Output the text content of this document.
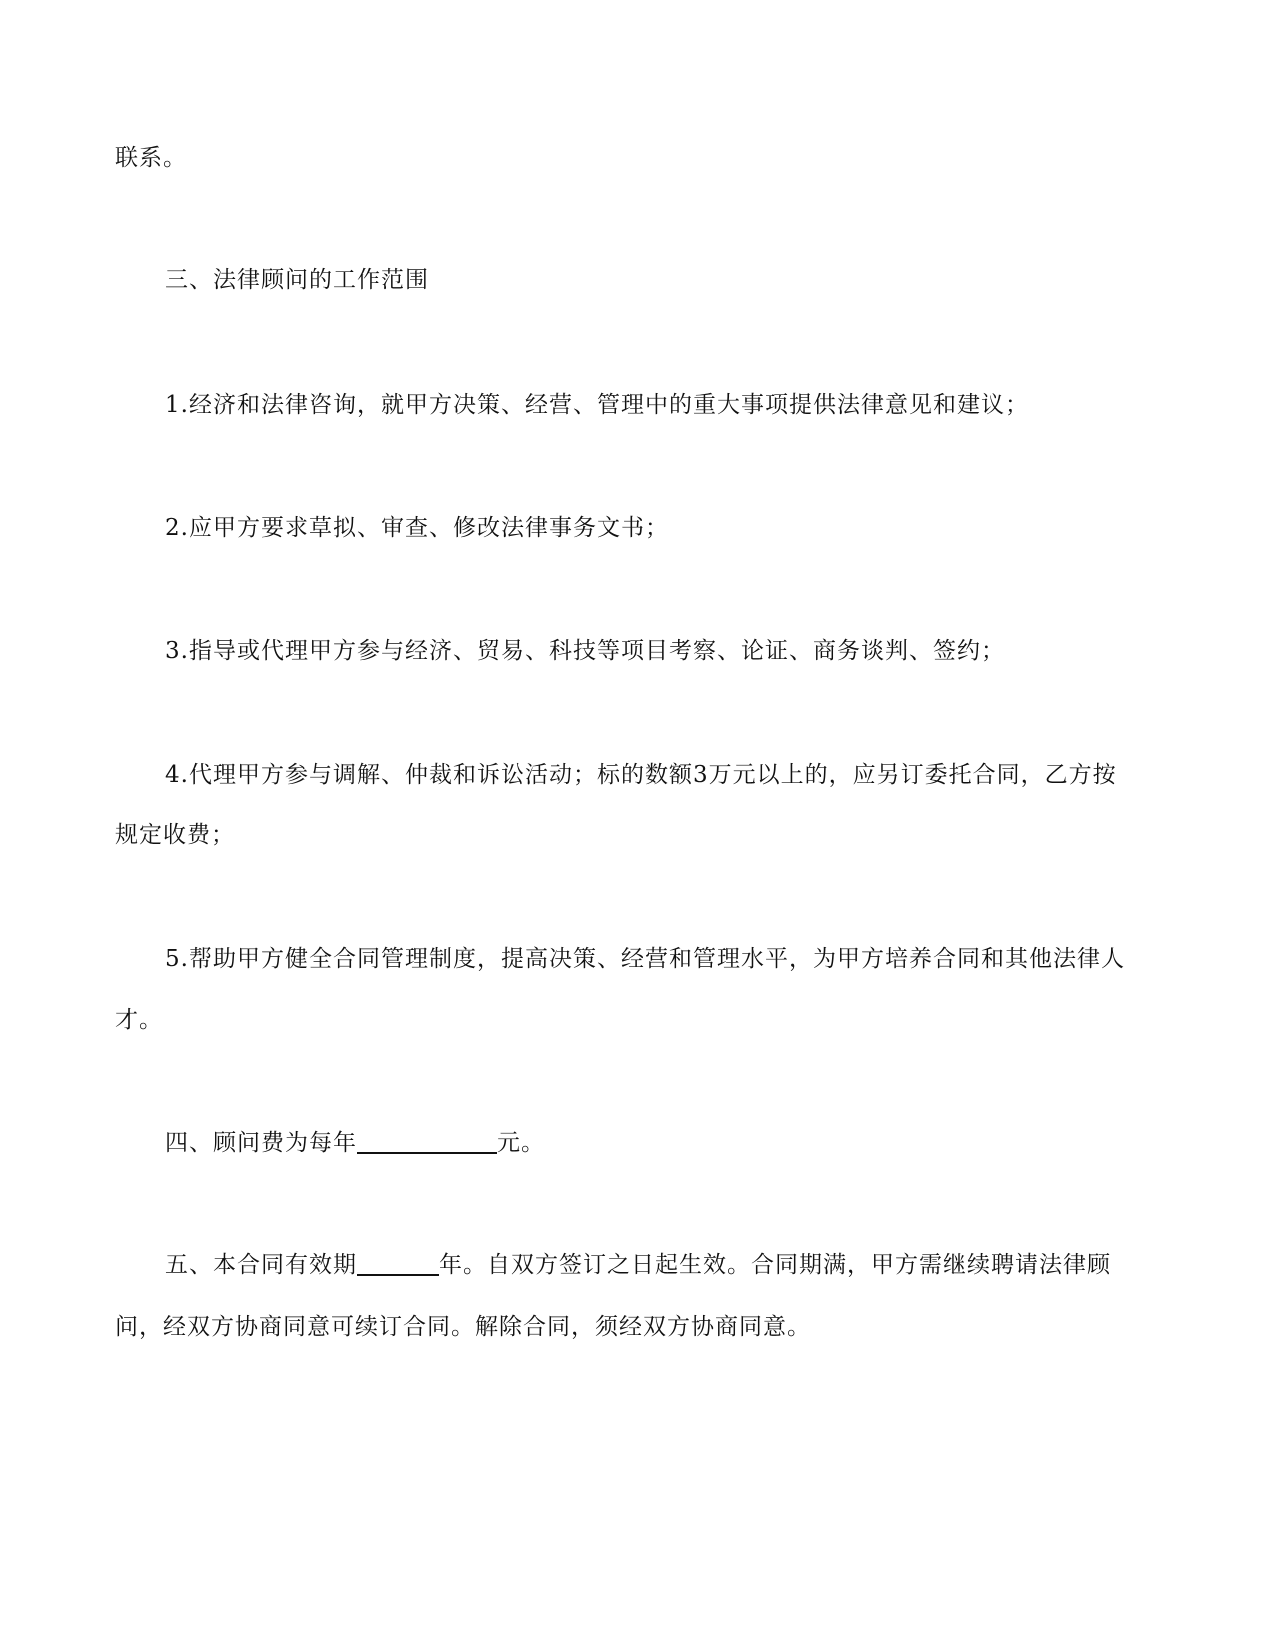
联系。
三、法律顾问的工作范围
1.经济和法律咨询，就甲方决策、经营、管理中的重大事项提供法律意见和建议；
2.应甲方要求草拟、审查、修改法律事务文书；
3.指导或代理甲方参与经济、贸易、科技等项目考察、论证、商务谈判、签约；
4.代理甲方参与调解、仲裁和诉讼活动；标的数额3万元以上的，应另订委托合同，乙方按
规定收费；
5.帮助甲方健全合同管理制度，提高决策、经营和管理水平，为甲方培养合同和其他法律人
才。
四、顾问费为每年	元。
五、本合同有效期	年。自双方签订之日起生效。合同期满，甲方需继续聘请法律顾
问，经双方协商同意可续订合同。解除合同，须经双方协商同意。
